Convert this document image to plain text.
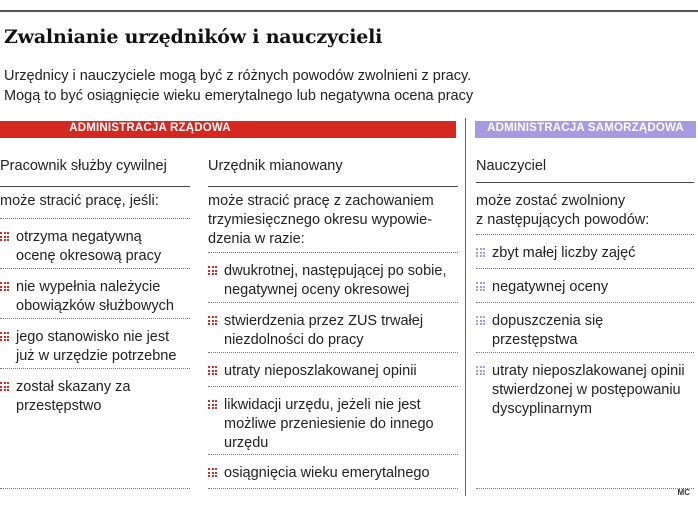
Zwalnianie urzędników i nauczycieli
Urzędnicy i nauczyciele mogą być z różnych powodów zwolnieni z pracy.
Mogą to być osiągnięcie wieku emerytalnego lub negatywna ocena pracy
ADMINISTRACJA RZĄDOWA	ADMINISTRACJA SAMORZĄDOWA
Pracownik służby cywilnej
może stracić pracę, jeśli:
otrzyma negatywną
ocenę okresową pracy
nie wypełnia należycie
obowiązków służbowych
jego stanowisko nie jest
już w urzędzie potrzebne
został skazany za
przestępstwo
Urzędnik mianowany
może stracić pracę z zachowaniem
trzymiesięcznego okresu wypowie-
dzenia w razie:
dwukrotnej, następującej po sobie,
negatywnej oceny okresowej
stwierdzenia przez ZUS trwałej
niezdolności do pracy
utraty nieposzlakowanej opinii
likwidacji urzędu, jeżeli nie jest
możliwe przeniesienie do innego
urzędu
osiągnięcia wieku emerytalnego
Nauczyciel
może zostać zwolniony
z następujących powodów:
zbyt małej liczby zajęć
negatywnej oceny
dopuszczenia się
przestępstwa
utraty nieposzlakowanej opinii
stwierdzonej w postępowaniu
dyscyplinarnym
MC
